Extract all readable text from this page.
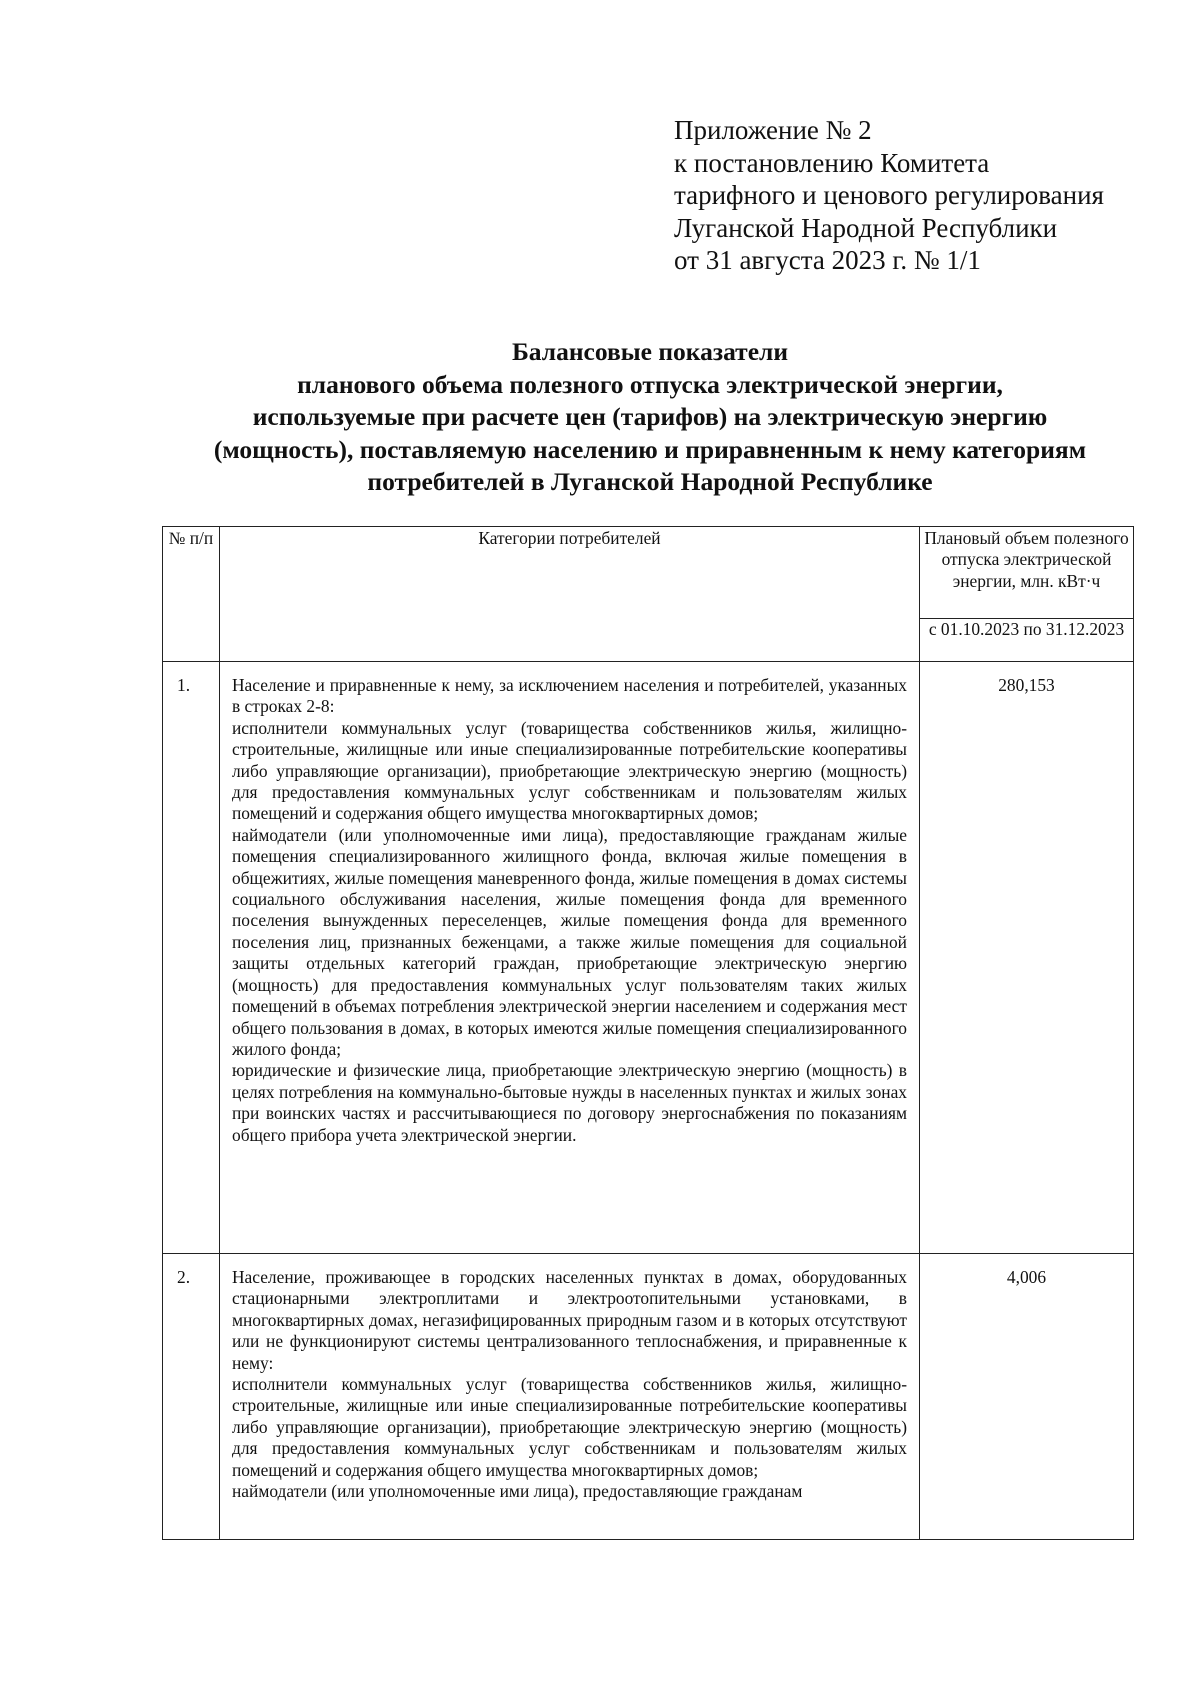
Приложение № 2
к постановлению Комитета
тарифного и ценового регулирования
Луганской Народной Республики
от 31 августа 2023 г. № 1/1
Балансовые показатели
планового объема полезного отпуска электрической энергии,
используемые при расчете цен (тарифов) на электрическую энергию
(мощность), поставляемую населению и приравненным к нему категориям
потребителей в Луганской Народной Республике
№ п/п	Категории потребителей	Плановый объем полезного отпуска электрической энергии, млн. кВт·ч
		с 01.10.2023 по 31.12.2023
1.	Население и приравненные к нему, за исключением населения и потребителей, указанных в строках 2-8:
исполнители коммунальных услуг (товарищества собственников жилья, жилищно-строительные, жилищные или иные специализированные потребительские кооперативы либо управляющие организации), приобретающие электрическую энергию (мощность) для предоставления коммунальных услуг собственникам и пользователям жилых помещений и содержания общего имущества многоквартирных домов;
наймодатели (или уполномоченные ими лица), предоставляющие гражданам жилые помещения специализированного жилищного фонда, включая жилые помещения в общежитиях, жилые помещения маневренного фонда, жилые помещения в домах системы социального обслуживания населения, жилые помещения фонда для временного поселения вынужденных переселенцев, жилые помещения фонда для временного поселения лиц, признанных беженцами, а также жилые помещения для социальной защиты отдельных категорий граждан, приобретающие электрическую энергию (мощность) для предоставления коммунальных услуг пользователям таких жилых помещений в объемах потребления электрической энергии населением и содержания мест общего пользования в домах, в которых имеются жилые помещения специализированного жилого фонда;
юридические и физические лица, приобретающие электрическую энергию (мощность) в целях потребления на коммунально-бытовые нужды в населенных пунктах и жилых зонах при воинских частях и рассчитывающиеся по договору энергоснабжения по показаниям общего прибора учета электрической энергии.	280,153
2.	Население, проживающее в городских населенных пунктах в домах, оборудованных стационарными электроплитами и электроотопительными установками, в многоквартирных домах, негазифицированных природным газом и в которых отсутствуют или не функционируют системы централизованного теплоснабжения, и приравненные к нему:
исполнители коммунальных услуг (товарищества собственников жилья, жилищно-строительные, жилищные или иные специализированные потребительские кооперативы либо управляющие организации), приобретающие электрическую энергию (мощность) для предоставления коммунальных услуг собственникам и пользователям жилых помещений и содержания общего имущества многоквартирных домов;
наймодатели (или уполномоченные ими лица), предоставляющие гражданам	4,006
